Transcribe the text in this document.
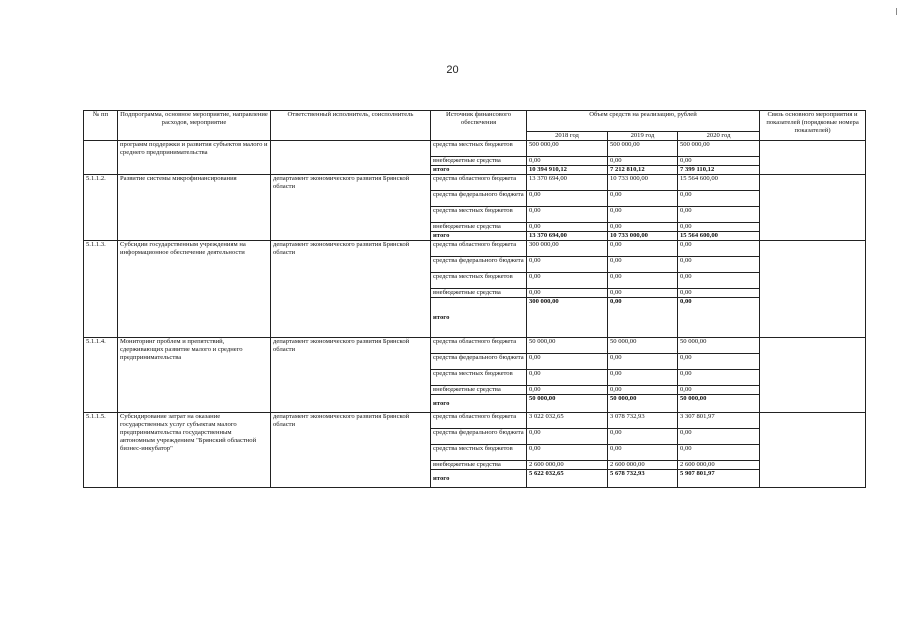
20
№ пп	Подпрограмма, основное мероприятие, направление расходов, мероприятие	Ответственный исполнитель, соисполнитель	Источник финансового обеспечения	Объем средств на реализацию, рублей			Связь основного мероприятия и показателей (порядковые номера показателей)
				2018 год	2019 год	2020 год	
	программ поддержки и развития субъектов малого и среднего предпринимательства		средства местных бюджетов	500 000,00	500 000,00	500 000,00	
			внебюджетные средства	0,00	0,00	0,00	
			итого	10 394 910,12	7 212 810,12	7 399 110,12	
5.1.1.2.	Развитие системы микрофинансирования	департамент экономического развития Брянской области	средства областного бюджета	13 370 694,00	10 733 000,00	15 564 600,00	
			средства федерального бюджета	0,00	0,00	0,00	
			средства местных бюджетов	0,00	0,00	0,00	
			внебюджетные средства	0,00	0,00	0,00	
			итого	13 370 694,00	10 733 000,00	15 564 600,00	
5.1.1.3.	Субсидии государственным учреждениям на информационное обеспечение деятельности	департамент экономического развития Брянской области	средства областного бюджета	300 000,00	0,00	0,00	
			средства федерального бюджета	0,00	0,00	0,00	
			средства местных бюджетов	0,00	0,00	0,00	
			внебюджетные средства	0,00	0,00	0,00	
			итого	300 000,00	0,00	0,00	
5.1.1.4.	Мониторинг проблем и препятствий, сдерживающих развитие малого и среднего предпринимательства	департамент экономического развития Брянской области	средства областного бюджета	50 000,00	50 000,00	50 000,00	
			средства федерального бюджета	0,00	0,00	0,00	
			средства местных бюджетов	0,00	0,00	0,00	
			внебюджетные средства	0,00	0,00	0,00	
			итого	50 000,00	50 000,00	50 000,00	
5.1.1.5.	Субсидирование затрат на оказание государственных услуг субъектам малого предпринимательства государственным автономным учреждением "Брянский областной бизнес-инкубатор"	департамент экономического развития Брянской области	средства областного бюджета	3 022 032,65	3 078 732,93	3 307 801,97	
			средства федерального бюджета	0,00	0,00	0,00	
			средства местных бюджетов	0,00	0,00	0,00	
			внебюджетные средства	2 600 000,00	2 600 000,00	2 600 000,00	
			итого	5 622 032,65	5 678 732,93	5 907 801,97	
